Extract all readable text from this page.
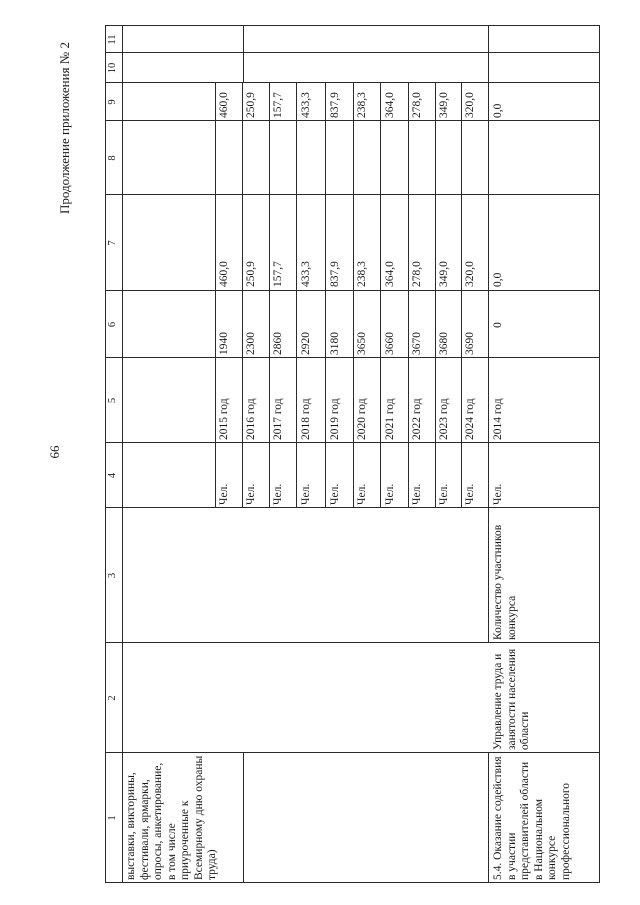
66
Продолжение приложения № 2
1
2
3
4
5
6
7
8
9
10
11
выставки, викторины, фестивали, ярмарки, опросы, анкетирование, в том числе приуроченные к Всемирному дню охраны труда)
Чел.
2015 год
1940
460,0
460,0
Чел.
2016 год
2300
250,9
250,9
Чел.
2017 год
2860
157,7
157,7
Чел.
2018 год
2920
433,3
433,3
Чел.
2019 год
3180
837,9
837,9
Чел.
2020 год
3650
238,3
238,3
Чел.
2021 год
3660
364,0
364,0
Чел.
2022 год
3670
278,0
278,0
Чел.
2023 год
3680
349,0
349,0
Чел.
2024 год
3690
320,0
320,0
5.4. Оказание содействия в участии представителей области в Национальном конкурсе профессионального
Управление труда и занятости населения области
Количество участников конкурса
Чел.
2014 год
0
0,0
0,0
